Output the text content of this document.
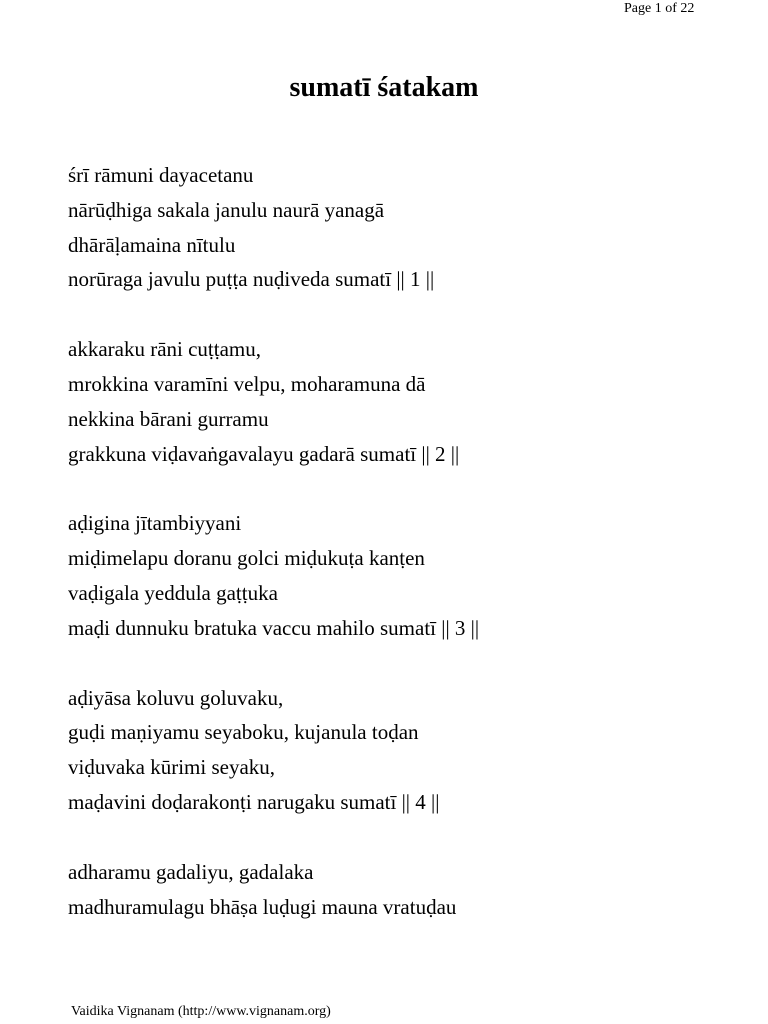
Page 1 of 22
sumatī śatakam
śrī rāmuni dayacetanu
nārūḍhiga sakala janulu naurā yanagā
dhārāḷamaina nītulu
norūraga javulu puṭṭa nuḍiveda sumatī || 1 ||
akkaraku rāni cuṭṭamu,
mrokkina varamīni velpu, moharamuna dā
nekkina bārani gurramu
grakkuna viḍavaṅgavalayu gadarā sumatī || 2 ||
aḍigina jītambiyyani
miḍimelapu doranu golci miḍukuṭa kanṭen
vaḍigala yeddula gaṭṭuka
maḍi dunnuku bratuka vaccu mahilo sumatī || 3 ||
aḍiyāsa koluvu goluvaku,
guḍi maṇiyamu seyaboku, kujanula toḍan
viḍuvaka kūrimi seyaku,
maḍavini doḍarakonṭi narugaku sumatī || 4 ||
adharamu gadaliyu, gadalaka
madhuramulagu bhāṣa luḍugi mauna vratuḍau
Vaidika Vignanam (http://www.vignanam.org)
